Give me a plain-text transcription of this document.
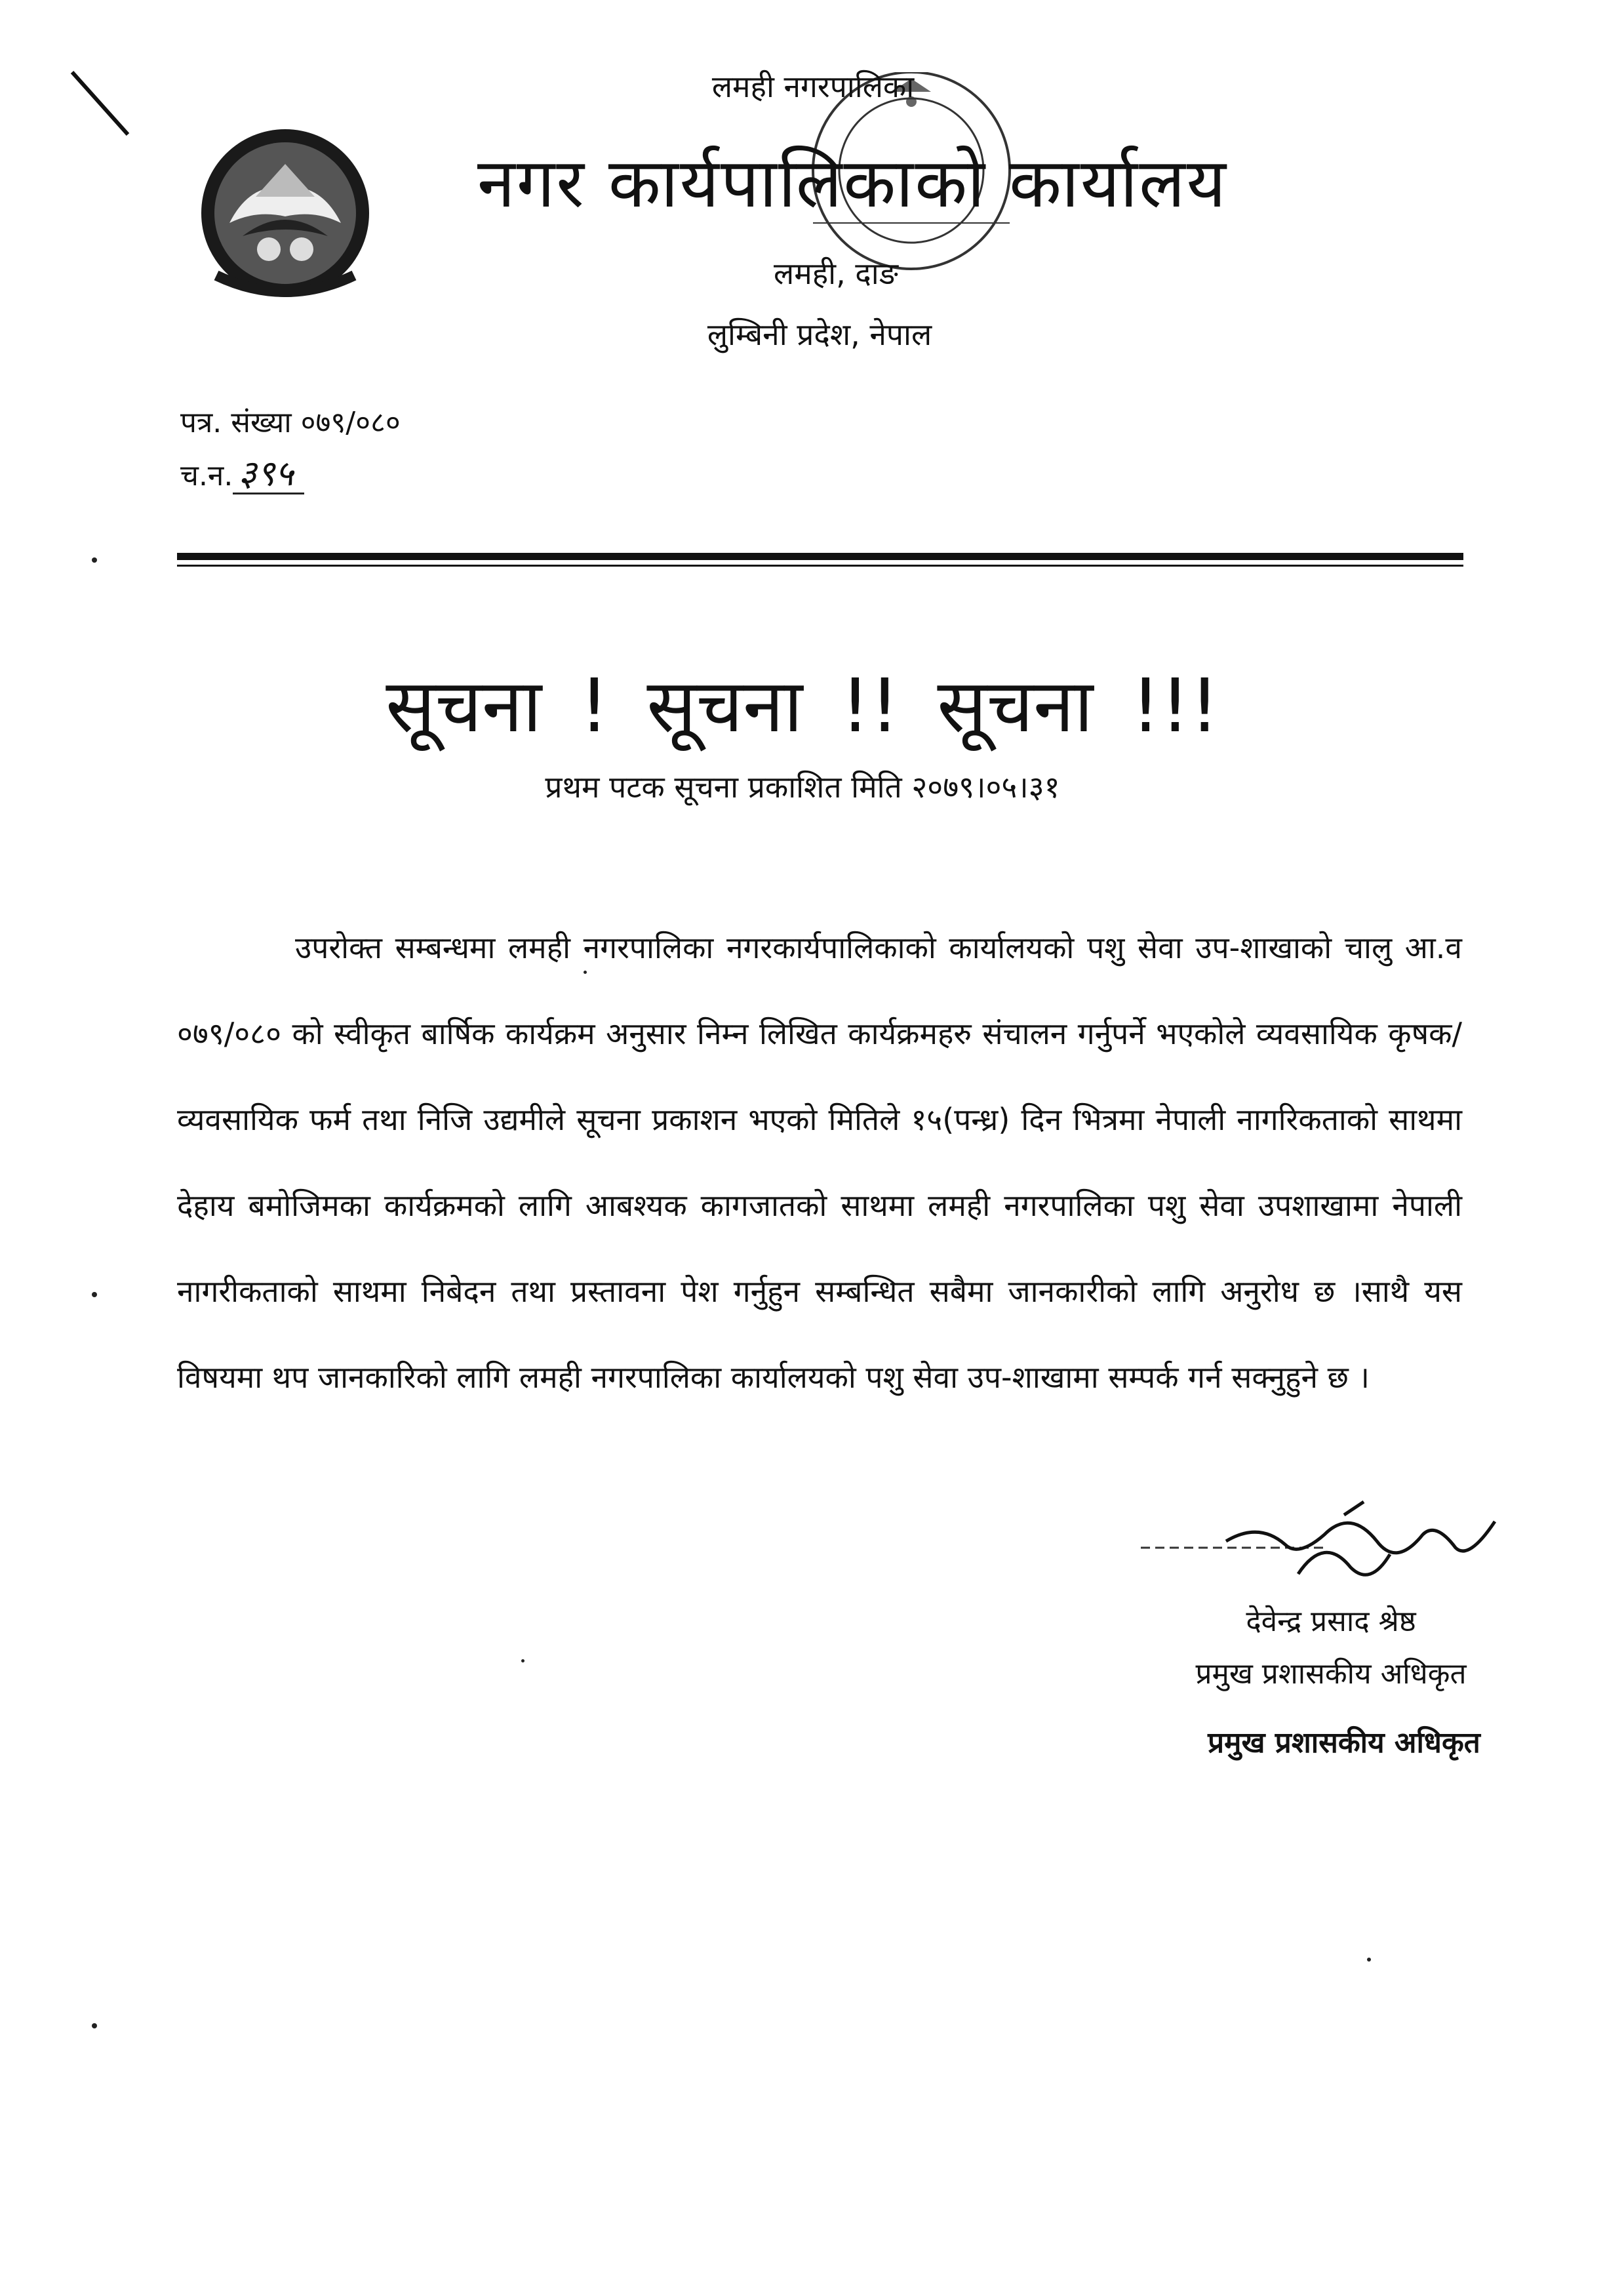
लमही नगरपालिका
नगर कार्यपालिकाको कार्यालय
लमही, दाङ
लुम्बिनी प्रदेश, नेपाल
पत्र. संख्या ०७९/०८०
च.न. ३९५
सूचना ! सूचना !! सूचना !!!
प्रथम पटक सूचना प्रकाशित मिति २०७९।०५।३१

उपरोक्त सम्बन्धमा लमही नगरपालिका नगरकार्यपालिकाको कार्यालयको पशु सेवा उप-शाखाको चालु आ.व ०७९/०८० को स्वीकृत बार्षिक कार्यक्रम अनुसार निम्न लिखित कार्यक्रमहरु संचालन गर्नुपर्ने भएकोले व्यवसायिक कृषक/ व्यवसायिक फर्म तथा निजि उद्यमीले सूचना प्रकाशन भएको मितिले १५(पन्ध्र) दिन भित्रमा नेपाली नागरिकताको साथमा देहाय बमोजिमका कार्यक्रमको लागि आबश्यक कागजातको साथमा लमही नगरपालिका पशु सेवा उपशाखामा नेपाली नागरीकताको साथमा निबेदन तथा प्रस्तावना पेश गर्नुहुन सम्बन्धित सबैमा जानकारीको लागि अनुरोध छ ।साथै यस विषयमा थप जानकारिको लागि लमही नगरपालिका कार्यालयको पशु सेवा उप-शाखामा सम्पर्क गर्न सक्नुहुने छ ।

देवेन्द्र प्रसाद श्रेष्ठ
प्रमुख प्रशासकीय अधिकृत
प्रमुख प्रशासकीय अधिकृत
